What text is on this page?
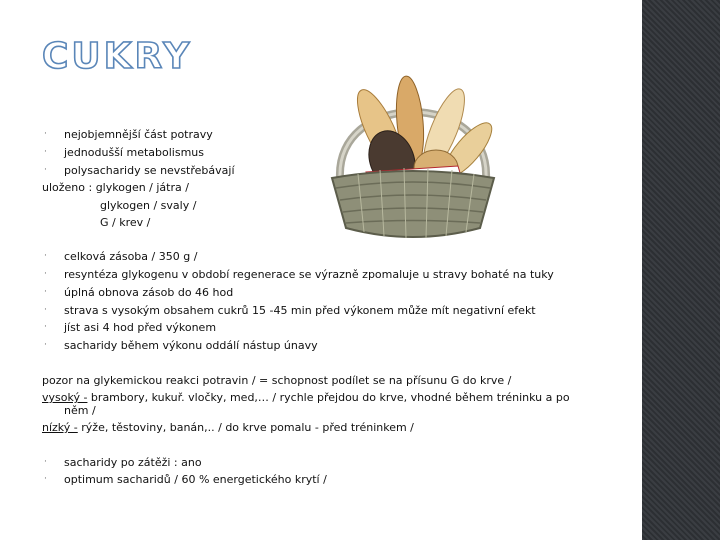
CUKRY
· nejobjemnější část potravy
· jednodušší metabolismus
· polysacharidy se nevstřebávají
uloženo : glykogen / játra /
glykogen / svaly /
G / krev /
· celková zásoba / 350 g /
· resyntéza glykogenu v období regenerace se výrazně zpomaluje u stravy bohaté na tuky
· úplná obnova zásob do 46 hod
· strava s vysokým obsahem cukrů 15 -45 min před výkonem může mít negativní efekt
· jíst asi 4 hod před výkonem
· sacharidy během výkonu oddálí nástup únavy
pozor na glykemickou reakci potravin / = schopnost podílet se na přísunu G do krve /
vysoký - brambory, kukuř. vločky, med,… / rychle přejdou do krve, vhodné během tréninku a po
něm /
nízký - rýže, těstoviny, banán,.. / do krve pomalu - před tréninkem /
· sacharidy po zátěži : ano
· optimum sacharidů / 60 % energetického krytí /
